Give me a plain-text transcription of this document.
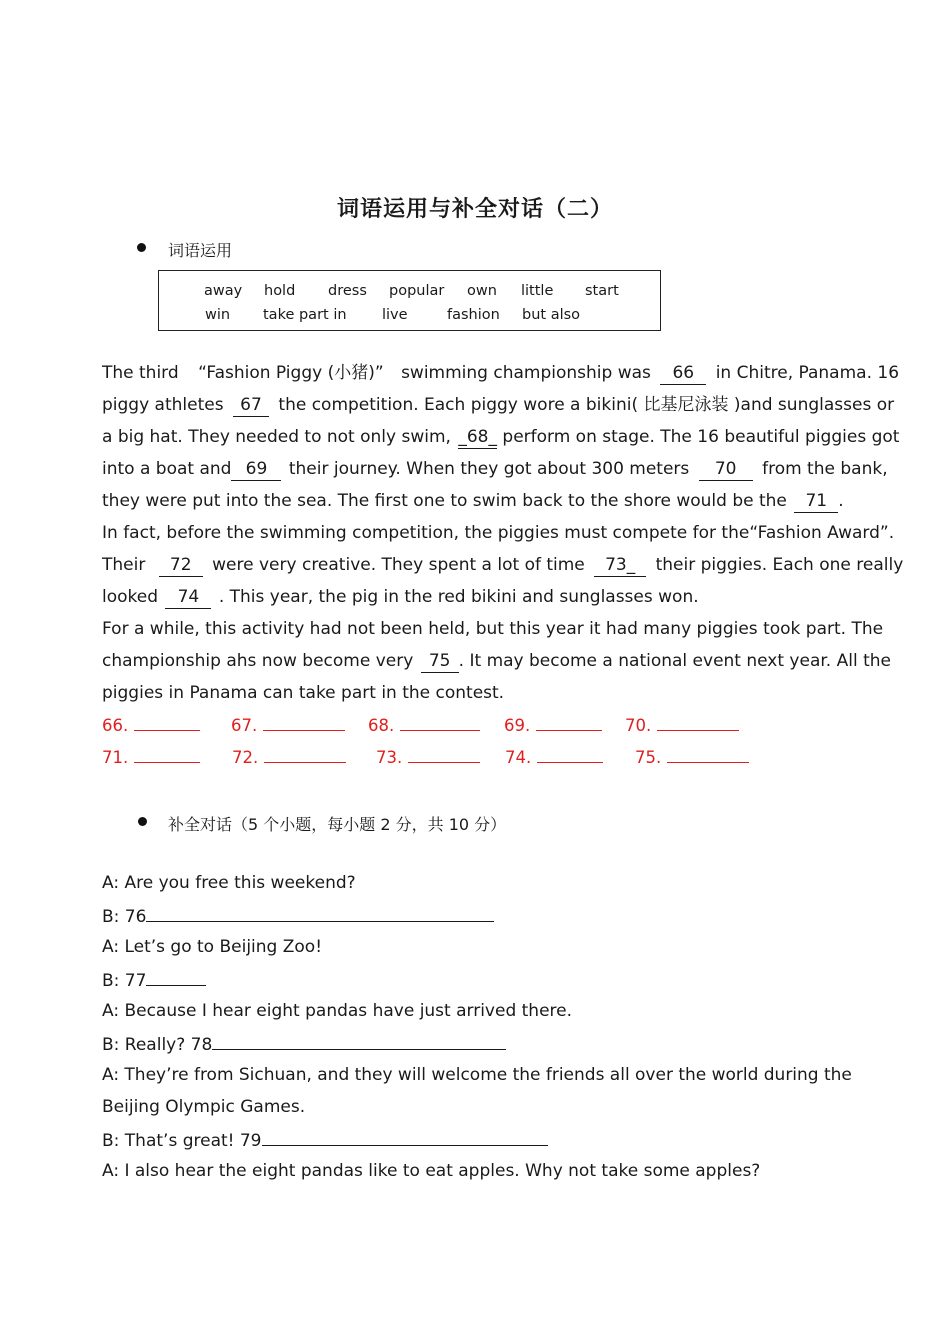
词语运用与补全对话（二）
词语运用
away hold dress popular own little start
win take part in live	fashion but also
The third “Fashion Piggy (小猪)” swimming championship was 66 in Chitre, Panama. 16
piggy athletes 67 the competition. Each piggy wore a bikini( 比基尼泳装 )and sunglasses or
a big hat. They needed to not only swim, _68_ perform on stage. The 16 beautiful piggies got
into a boat and 69 their journey. When they got about 300 meters 70 from the bank,
they were put into the sea. The first one to swim back to the shore would be the 71 .
In fact, before the swimming competition, the piggies must compete for the“Fashion Award”.
Their 72 were very creative. They spent a lot of time 73_ their piggies. Each one really
looked 74 . This year, the pig in the red bikini and sunglasses won.
For a while, this activity had not been held, but this year it had many piggies took part. The
championship ahs now become very 75 . It may become a national event next year. All the
piggies in Panama can take part in the contest.
66.	67.	68.	69.	70.
71.	72.	73.	74.	75.
补全对话（5 个小题，每小题 2 分，共 10 分）
A: Are you free this weekend?
B: 76
A: Let’s go to Beijing Zoo!
B: 77
A: Because I hear eight pandas have just arrived there.
B: Really? 78
A: They’re from Sichuan, and they will welcome the friends all over the world during the
Beijing Olympic Games.
B: That’s great! 79
A: I also hear the eight pandas like to eat apples. Why not take some apples?
